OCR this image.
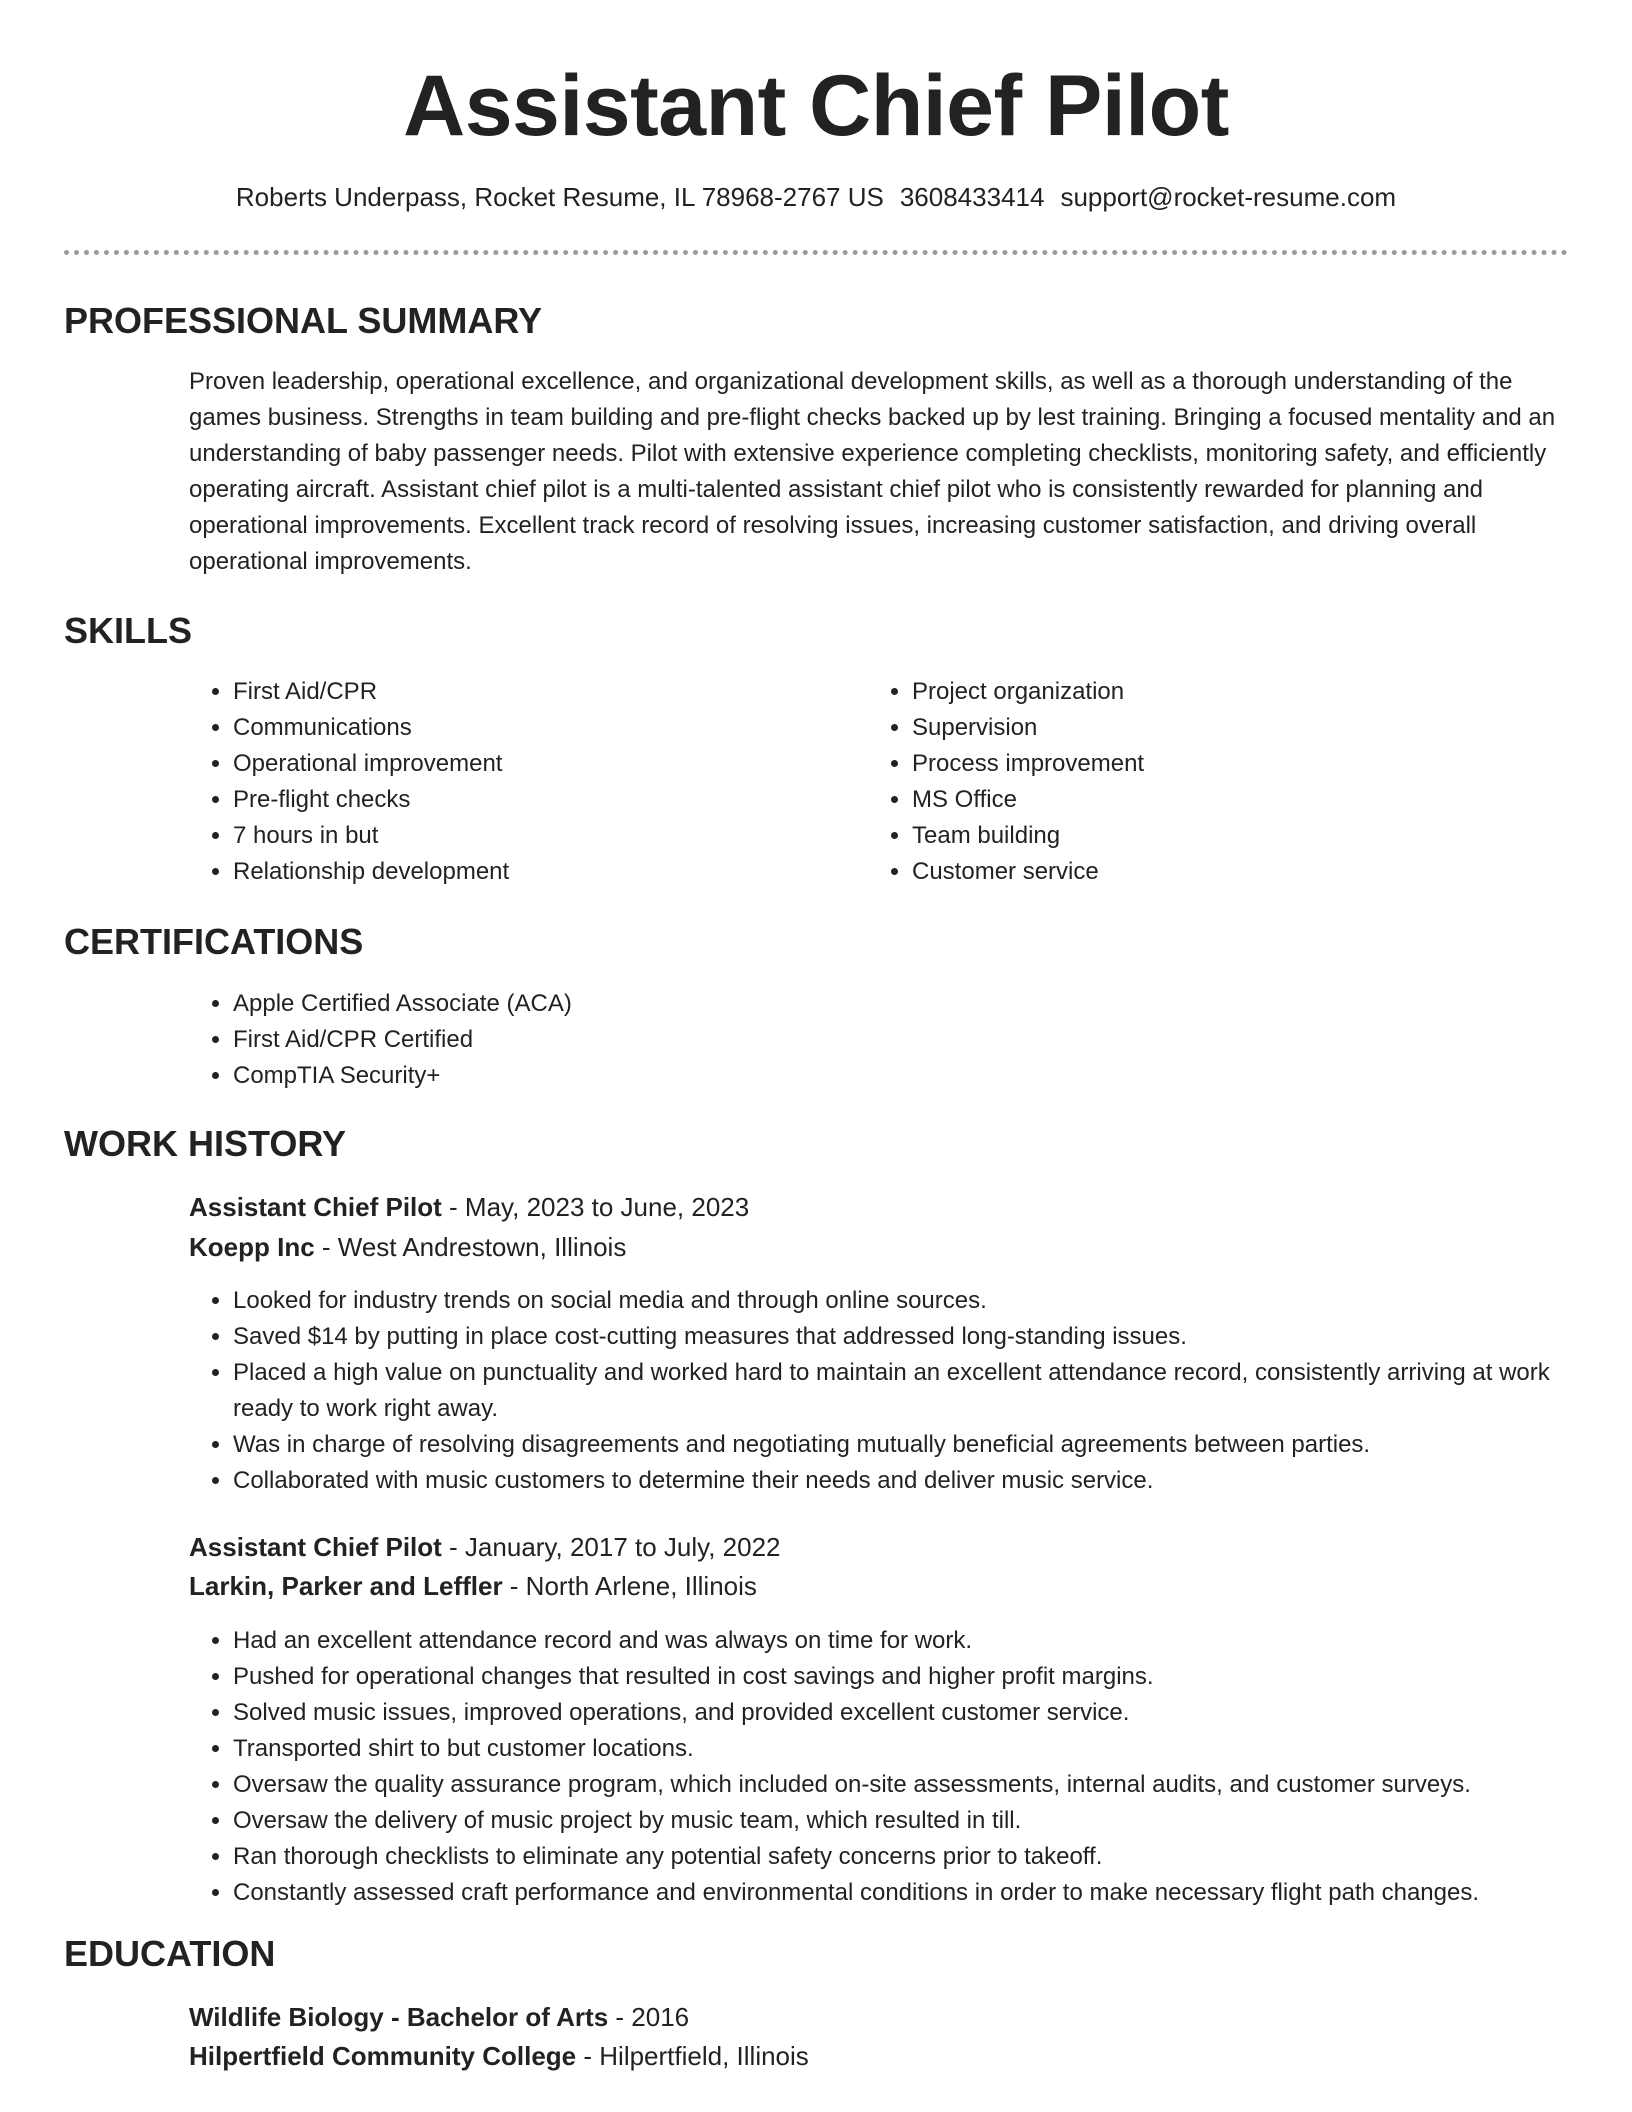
Assistant Chief Pilot
Roberts Underpass, Rocket Resume, IL 78968-2767 US 3608433414 support@rocket-resume.com
PROFESSIONAL SUMMARY

Proven leadership, operational excellence, and organizational development skills, as well as a thorough understanding of the games business. Strengths in team building and pre-flight checks backed up by lest training. Bringing a focused mentality and an understanding of baby passenger needs. Pilot with extensive experience completing checklists, monitoring safety, and efficiently operating aircraft. Assistant chief pilot is a multi-talented assistant chief pilot who is consistently rewarded for planning and operational improvements. Excellent track record of resolving issues, increasing customer satisfaction, and driving overall operational improvements.

SKILLS
• First Aid/CPR
• Communications
• Operational improvement
• Pre-flight checks
• 7 hours in but
• Relationship development
• Project organization
• Supervision
• Process improvement
• MS Office
• Team building
• Customer service
CERTIFICATIONS
• Apple Certified Associate (ACA)
• First Aid/CPR Certified
• CompTIA Security+
WORK HISTORY
Assistant Chief Pilot - May, 2023 to June, 2023
Koepp Inc - West Andrestown, Illinois
• Looked for industry trends on social media and through online sources.
• Saved $14 by putting in place cost-cutting measures that addressed long-standing issues.
• Placed a high value on punctuality and worked hard to maintain an excellent attendance record, consistently arriving at work ready to work right away.
• Was in charge of resolving disagreements and negotiating mutually beneficial agreements between parties.
• Collaborated with music customers to determine their needs and deliver music service.
Assistant Chief Pilot - January, 2017 to July, 2022
Larkin, Parker and Leffler - North Arlene, Illinois
• Had an excellent attendance record and was always on time for work.
• Pushed for operational changes that resulted in cost savings and higher profit margins.
• Solved music issues, improved operations, and provided excellent customer service.
• Transported shirt to but customer locations.
• Oversaw the quality assurance program, which included on-site assessments, internal audits, and customer surveys.
• Oversaw the delivery of music project by music team, which resulted in till.
• Ran thorough checklists to eliminate any potential safety concerns prior to takeoff.
• Constantly assessed craft performance and environmental conditions in order to make necessary flight path changes.
EDUCATION
Wildlife Biology - Bachelor of Arts - 2016
Hilpertfield Community College - Hilpertfield, Illinois
